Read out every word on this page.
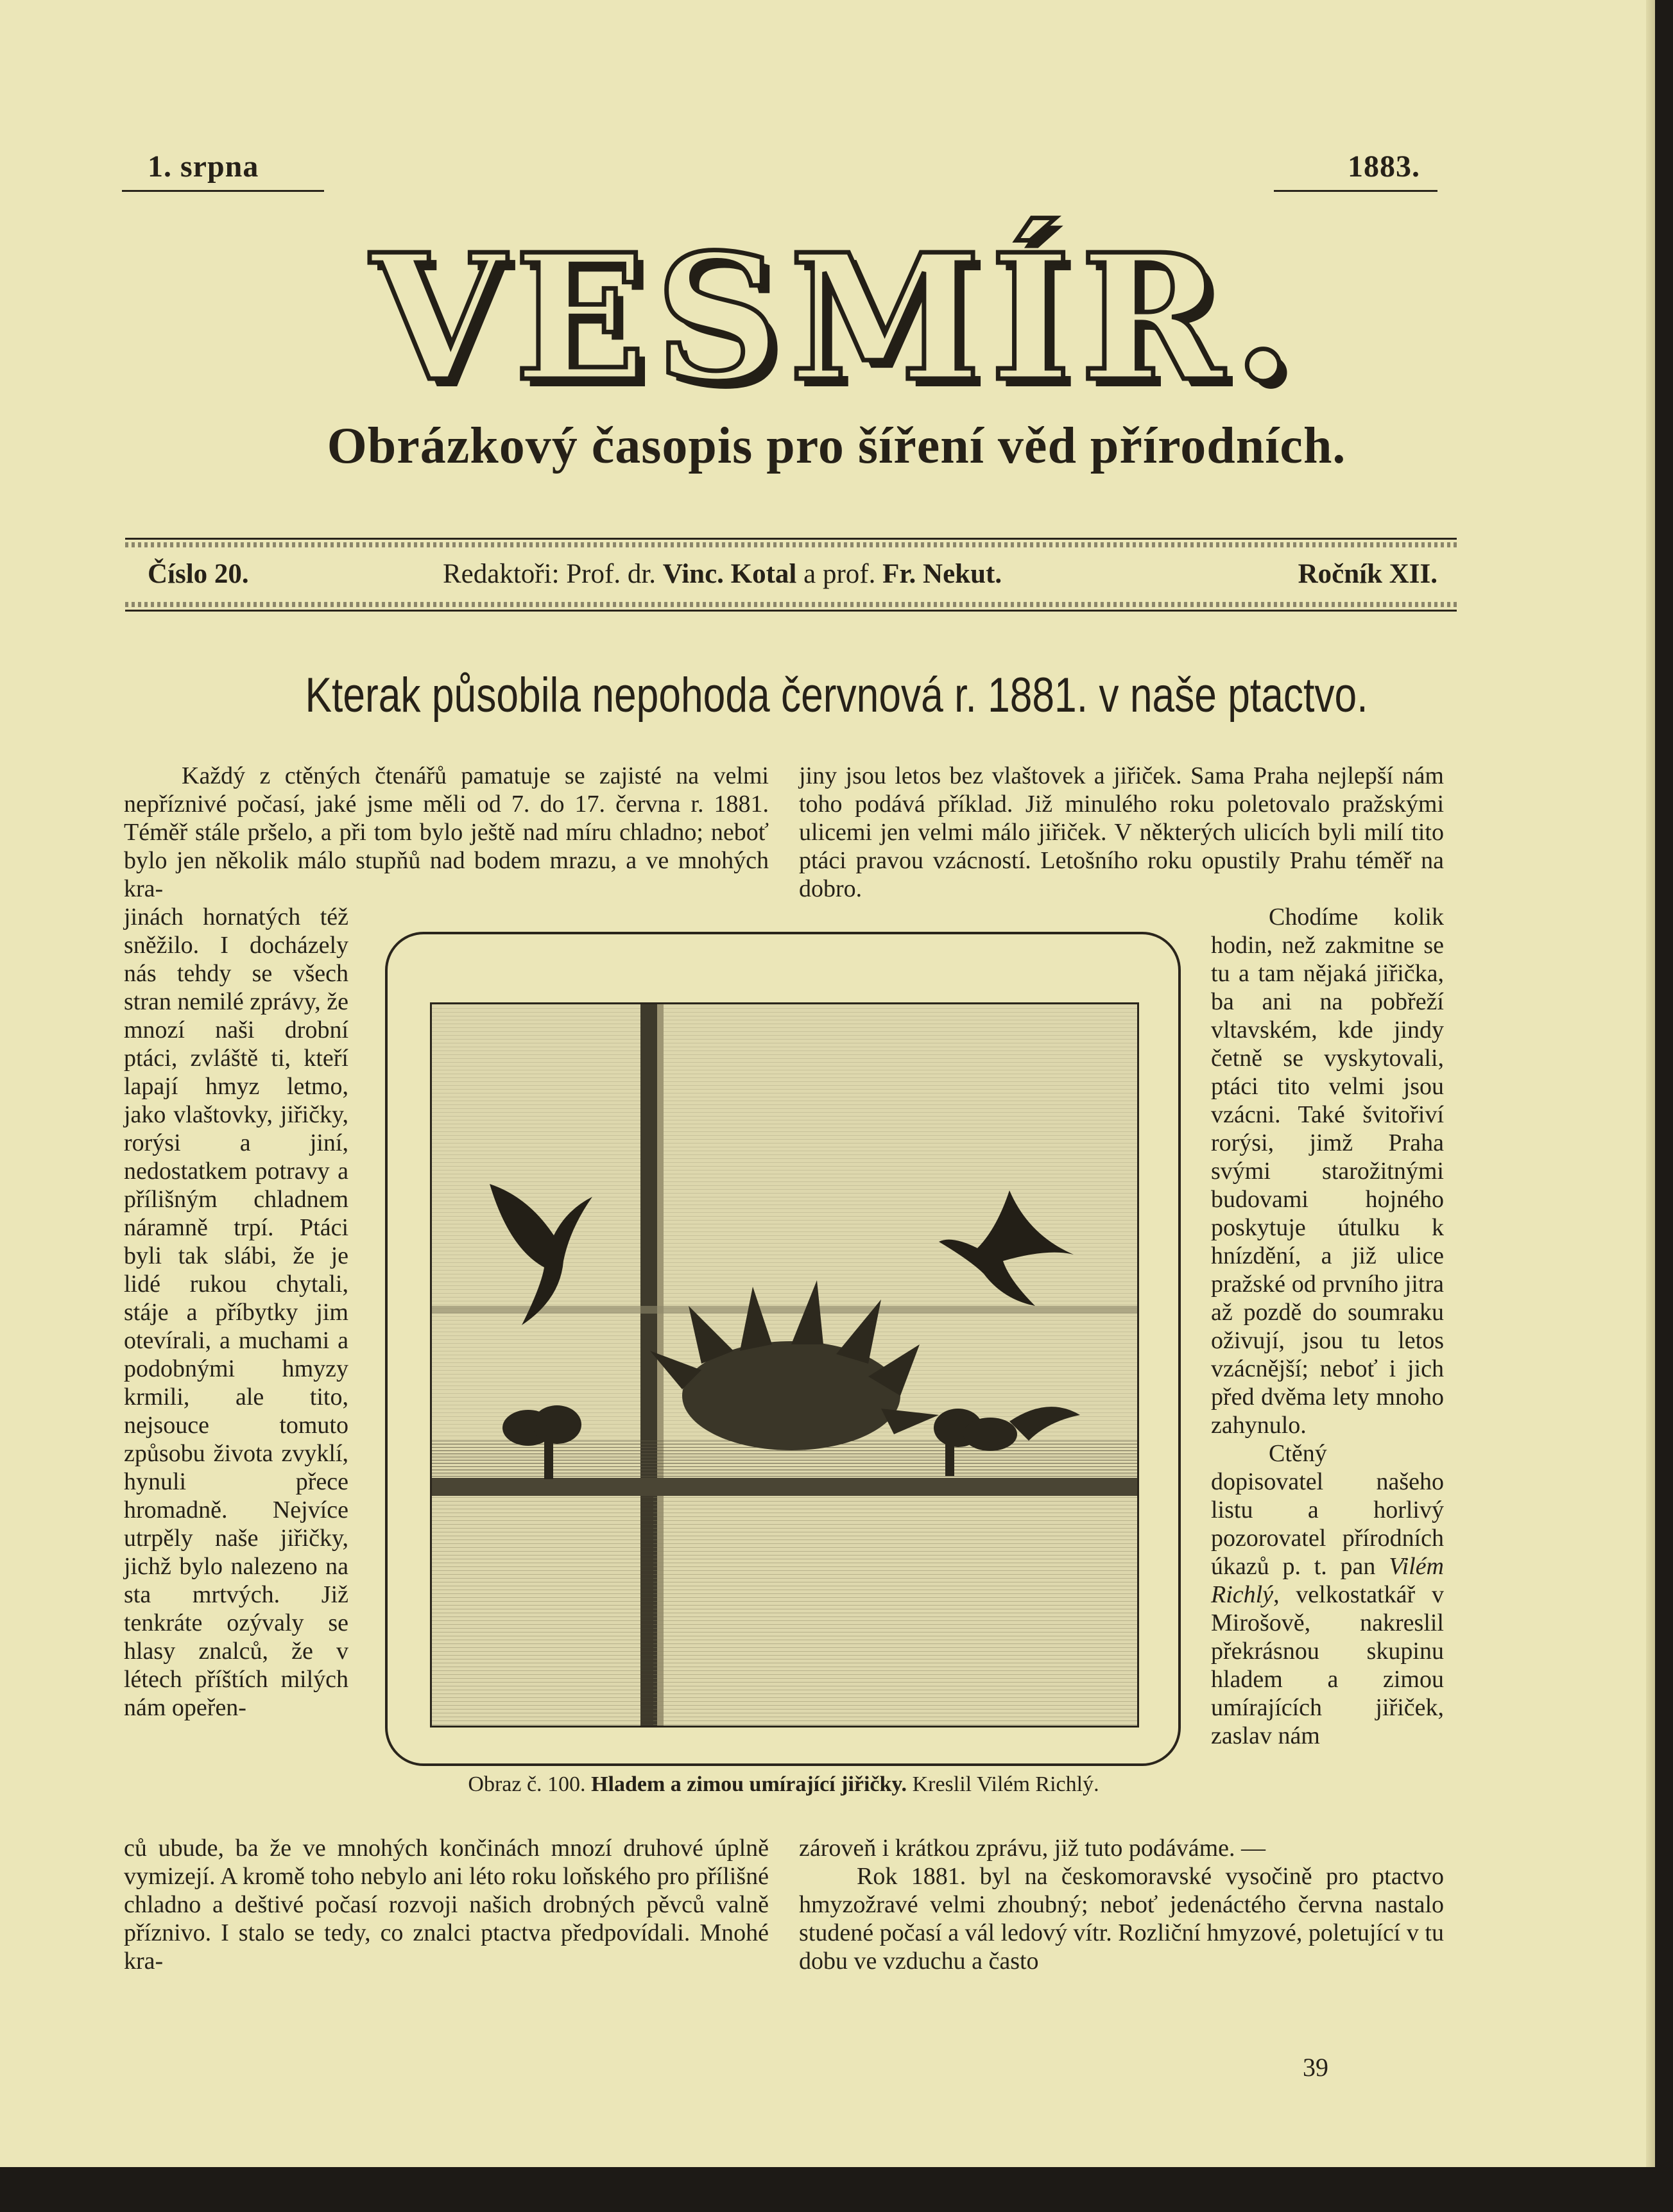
1. srpna	1883.
VESMÍR.
Obrázkový časopis pro šíření věd přírodních.
Číslo 20.	Redaktoři: Prof. dr. Vinc. Kotal a prof. Fr. Nekut.	Ročník XII.
Kterak působila nepohoda červnová r. 1881. v naše ptactvo.

Každý z ctěných čtenářů pamatuje se zajisté na velmi nepříznivé počasí, jaké jsme měli od 7. do 17. června r. 1881. Téměř stále pršelo, a při tom bylo ještě nad míru chladno; neboť bylo jen několik málo stupňů nad bodem mrazu, a ve mnohých kra-

jinách hornatých též sněžilo. I docházely nás tehdy se všech stran nemilé zprávy, že mnozí naši drobní ptáci, zvláště ti, kteří lapají hmyz letmo, jako vlaštovky, jiřičky, rorýsi a jiní, nedostatkem potravy a přílišným chladnem náramně trpí. Ptáci byli tak slábi, že je lidé rukou chytali, stáje a příbytky jim otevírali, a muchami a podobnými hmyzy krmili, ale tito, nejsouce tomuto způsobu života zvyklí, hynuli přece hromadně. Nejvíce utrpěly naše jiřičky, jichž bylo nalezeno na sta mrtvých. Již tenkráte ozývaly se hlasy znalců, že v létech příštích milých nám opeřen-

ců ubude, ba že ve mnohých končinách mnozí druhové úplně vymizejí. A kromě toho nebylo ani léto roku loňského pro přílišné chladno a deštivé počasí rozvoji našich drobných pěvců valně příznivo. I stalo se tedy, co znalci ptactva předpovídali. Mnohé kra-

jiny jsou letos bez vlaštovek a jiřiček. Sama Praha nejlepší nám toho podává příklad. Již minulého roku poletovalo pražskými ulicemi jen velmi málo jiřiček. V některých ulicích byli milí tito ptáci pravou vzácností. Letošního roku opustily Prahu téměř na dobro.

Chodíme kolik hodin, než zakmitne se tu a tam nějaká jiřička, ba ani na pobřeží vltavském, kde jindy četně se vyskytovali, ptáci tito velmi jsou vzácni. Také švitořiví rorýsi, jimž Praha svými starožitnými budovami hojného poskytuje útulku k hnízdění, a již ulice pražské od prvního jitra až pozdě do soumraku oživují, jsou tu letos vzácnější; neboť i jich před dvěma lety mnoho zahynulo.

Ctěný dopisovatel našeho listu a horlivý pozorovatel přírodních úkazů p. t. pan Vilém Richlý, velkostatkář v Mirošově, nakreslil překrásnou skupinu hladem a zimou umírajících jiřiček, zaslav nám

zároveň i krátkou zprávu, již tuto podáváme. —

Rok 1881. byl na českomoravské vysočině pro ptactvo hmyzožravé velmi zhoubný; neboť jedenáctého června nastalo studené počasí a vál ledový vítr. Rozliční hmyzové, poletující v tu dobu ve vzduchu a často

Obraz č. 100. Hladem a zimou umírající jiřičky. Kreslil Vilém Richlý.
39
